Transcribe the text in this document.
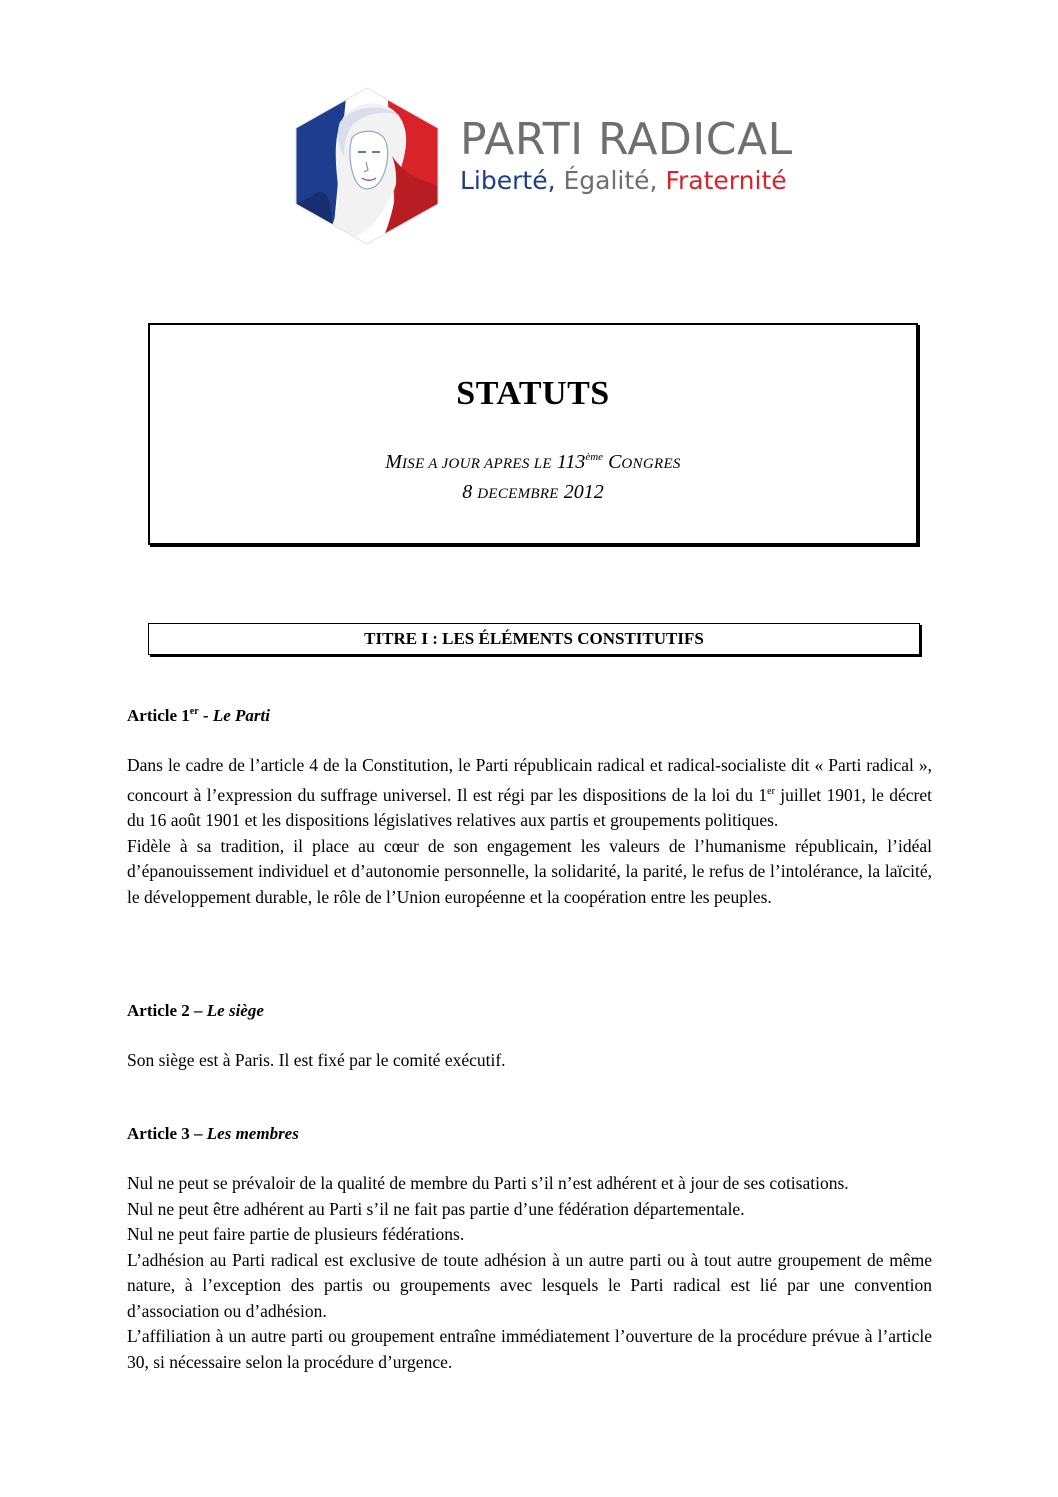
PARTI RADICAL
Liberté, Égalité, Fraternité
STATUTS
MISE A JOUR APRES LE 113ème CONGRES
8 DECEMBRE 2012
TITRE I : LES ÉLÉMENTS CONSTITUTIFS
Article 1er - Le Parti

Dans le cadre de l’article 4 de la Constitution, le Parti républicain radical et radical-socialiste dit « Parti radical », concourt à l’expression du suffrage universel. Il est régi par les dispositions de la loi du 1er juillet 1901, le décret du 16 août 1901 et les dispositions législatives relatives aux partis et groupements politiques.

Fidèle à sa tradition, il place au cœur de son engagement les valeurs de l’humanisme républicain, l’idéal d’épanouissement individuel et d’autonomie personnelle, la solidarité, la parité, le refus de l’intolérance, la laïcité, le développement durable, le rôle de l’Union européenne et la coopération entre les peuples.

Article 2 – Le siège

Son siège est à Paris. Il est fixé par le comité exécutif.

Article 3 – Les membres

Nul ne peut se prévaloir de la qualité de membre du Parti s’il n’est adhérent et à jour de ses cotisations.

Nul ne peut être adhérent au Parti s’il ne fait pas partie d’une fédération départementale.

Nul ne peut faire partie de plusieurs fédérations.

L’adhésion au Parti radical est exclusive de toute adhésion à un autre parti ou à tout autre groupement de même nature, à l’exception des partis ou groupements avec lesquels le Parti radical est lié par une convention d’association ou d’adhésion.

L’affiliation à un autre parti ou groupement entraîne immédiatement l’ouverture de la procédure prévue à l’article 30, si nécessaire selon la procédure d’urgence.
